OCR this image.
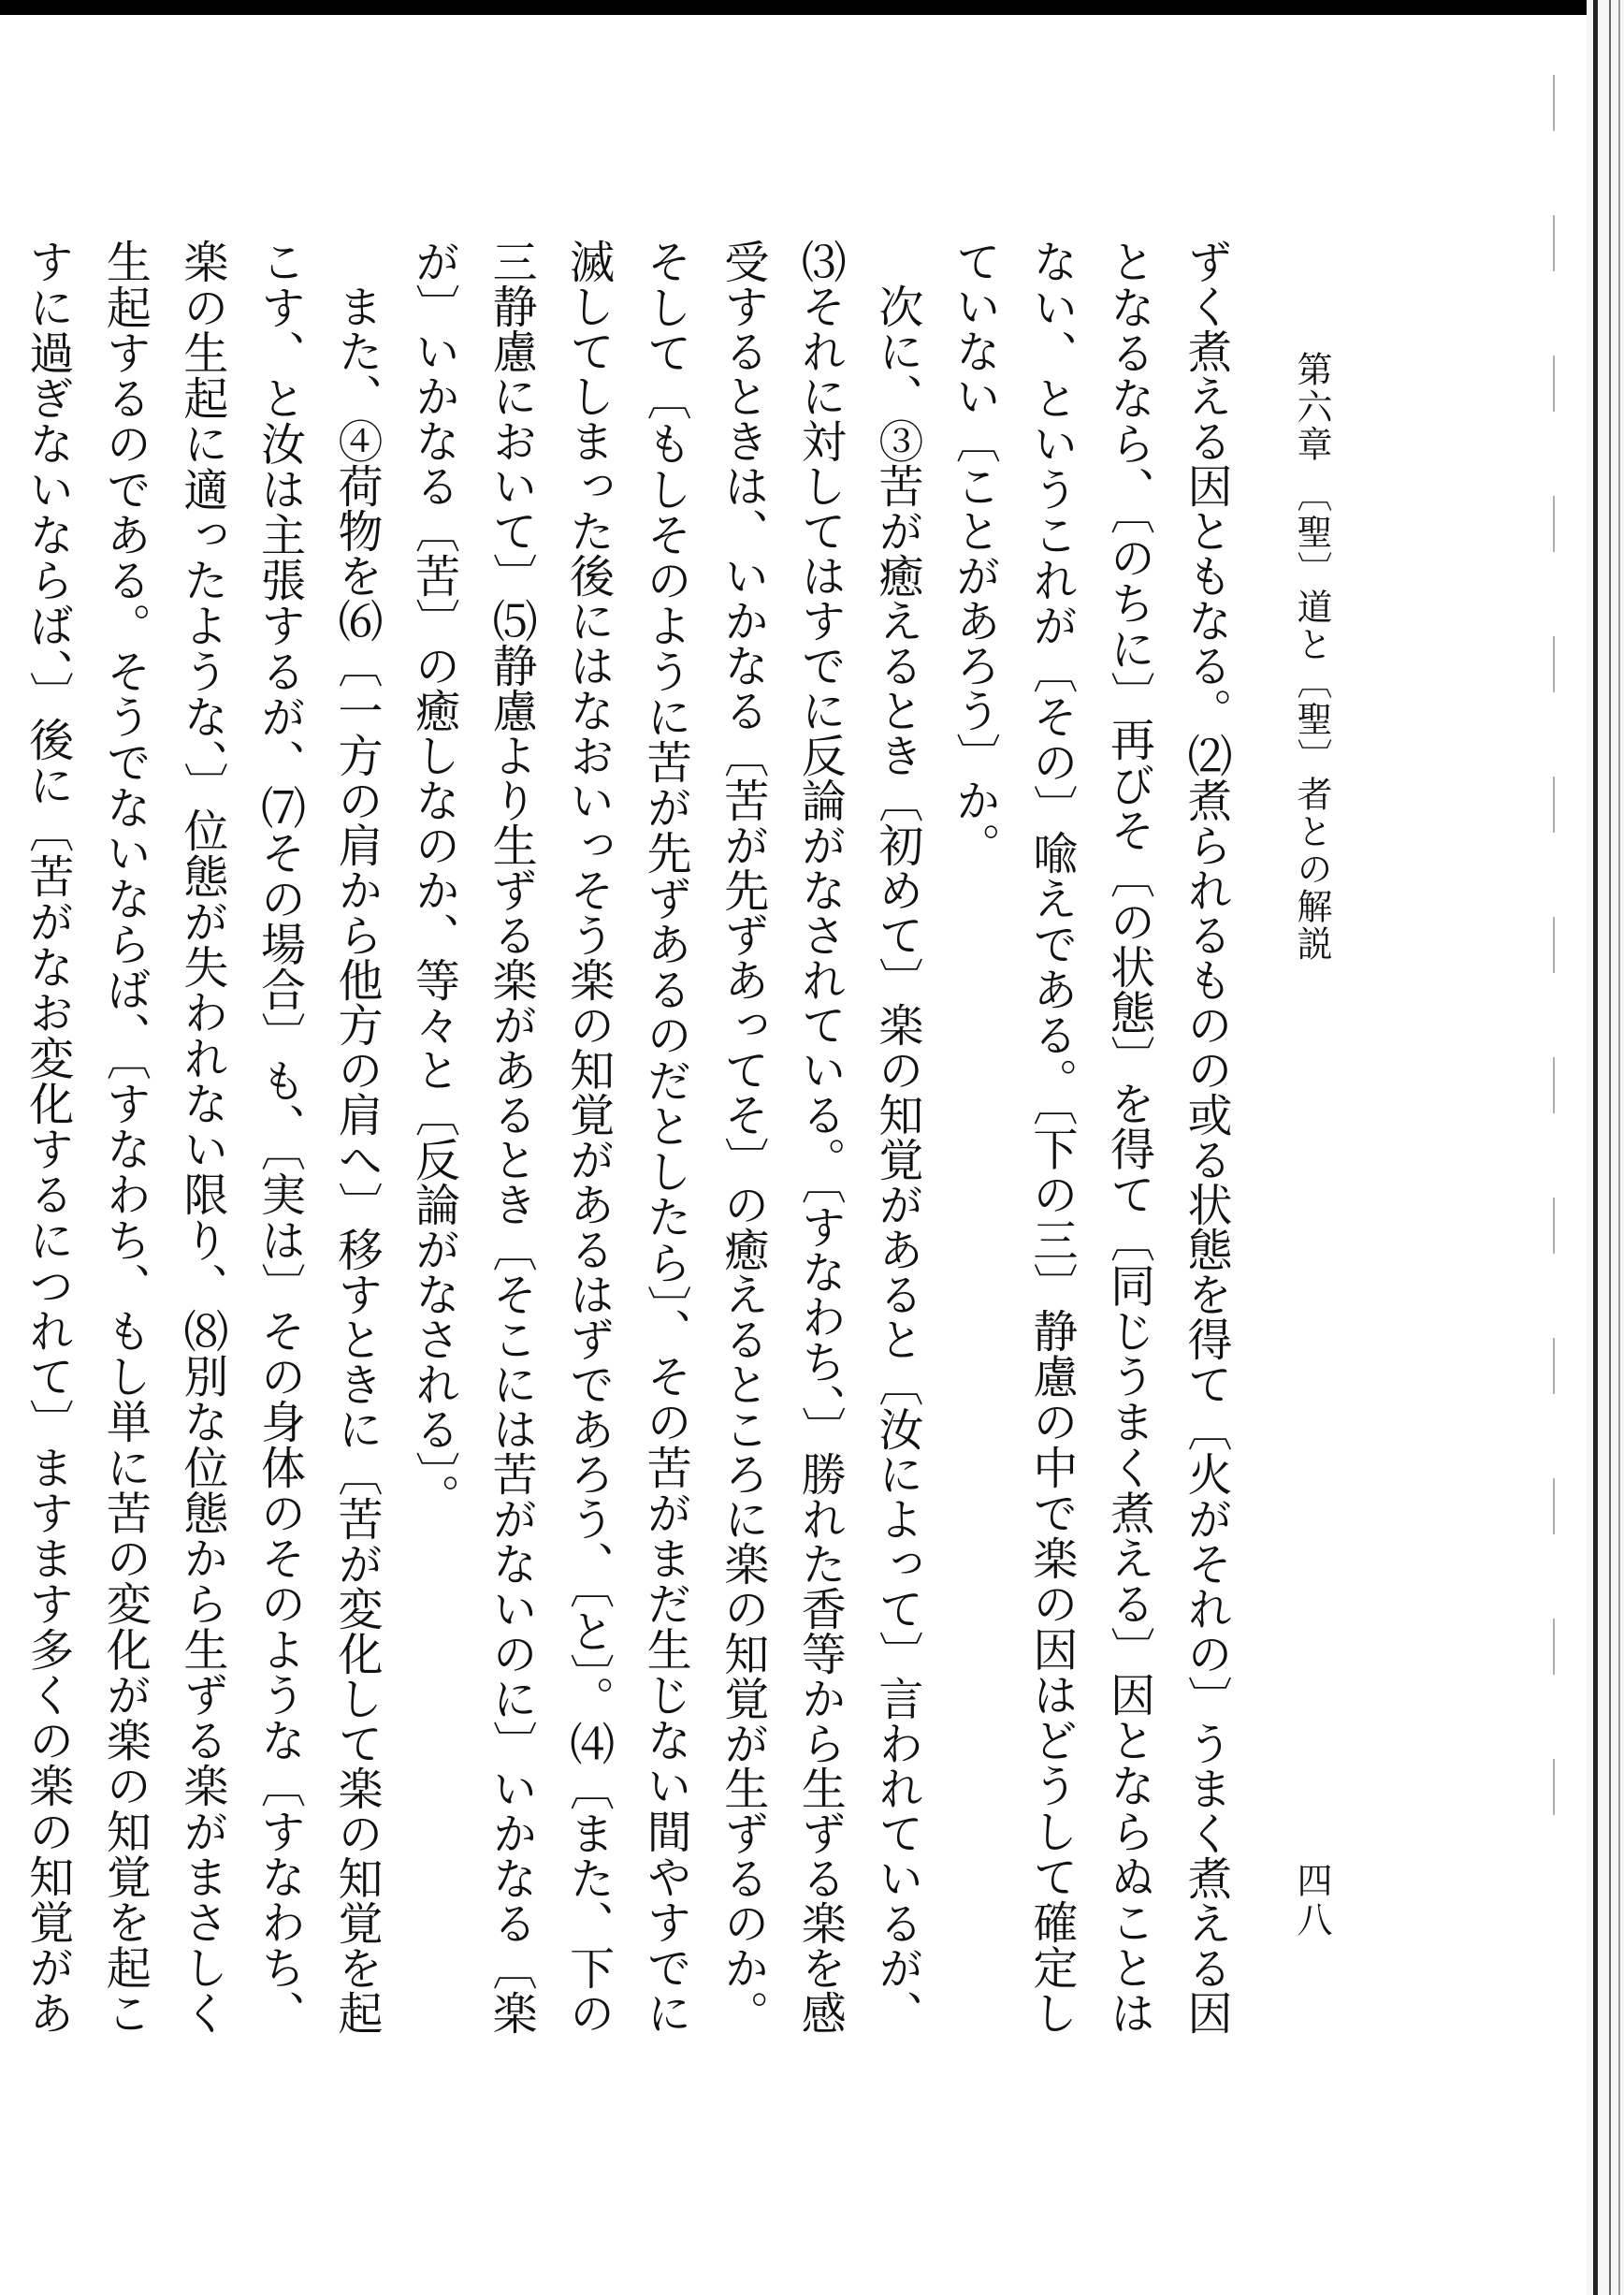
第六章 〔聖〕道と〔聖〕者との解説
四八

ずく煮える因ともなる。⑵煮られるものの或る状態を得て〔火がそれの〕うまく煮える因となるなら、〔のちに〕再びそ〔の状態〕を得て〔同じうまく煮える〕因とならぬことはない、というこれが〔その〕喩えである。〔下の三〕静慮の中で楽の因はどうして確定していない〔ことがあろう〕か。

次に、③苦が癒えるとき〔初めて〕楽の知覚があると〔汝によって〕言われているが、⑶それに対してはすでに反論がなされている。〔すなわち、〕勝れた香等から生ずる楽を感受するときは、いかなる〔苦が先ずあってそ〕の癒えるところに楽の知覚が生ずるのか。そして〔もしそのように苦が先ずあるのだとしたら〕、その苦がまだ生じない間やすでに滅してしまった後にはなおいっそう楽の知覚があるはずであろう、〔と〕。⑷〔また、下の三静慮において〕⑸静慮より生ずる楽があるとき〔そこには苦がないのに〕いかなる〔楽が〕いかなる〔苦〕の癒しなのか、等々と〔反論がなされる〕。

また、④荷物を⑹〔一方の肩から他方の肩へ〕移すときに〔苦が変化して楽の知覚を起こす、と汝は主張するが、⑺その場合〕も、〔実は〕その身体のそのような〔すなわち、楽の生起に適ったような、〕位態が失われない限り、⑻別な位態から生ずる楽がまさしく生起するのである。そうでないならば、〔すなわち、もし単に苦の変化が楽の知覚を起こすに過ぎないならば、〕後に〔苦がなお変化するにつれて〕ますます多くの楽の知覚があ
